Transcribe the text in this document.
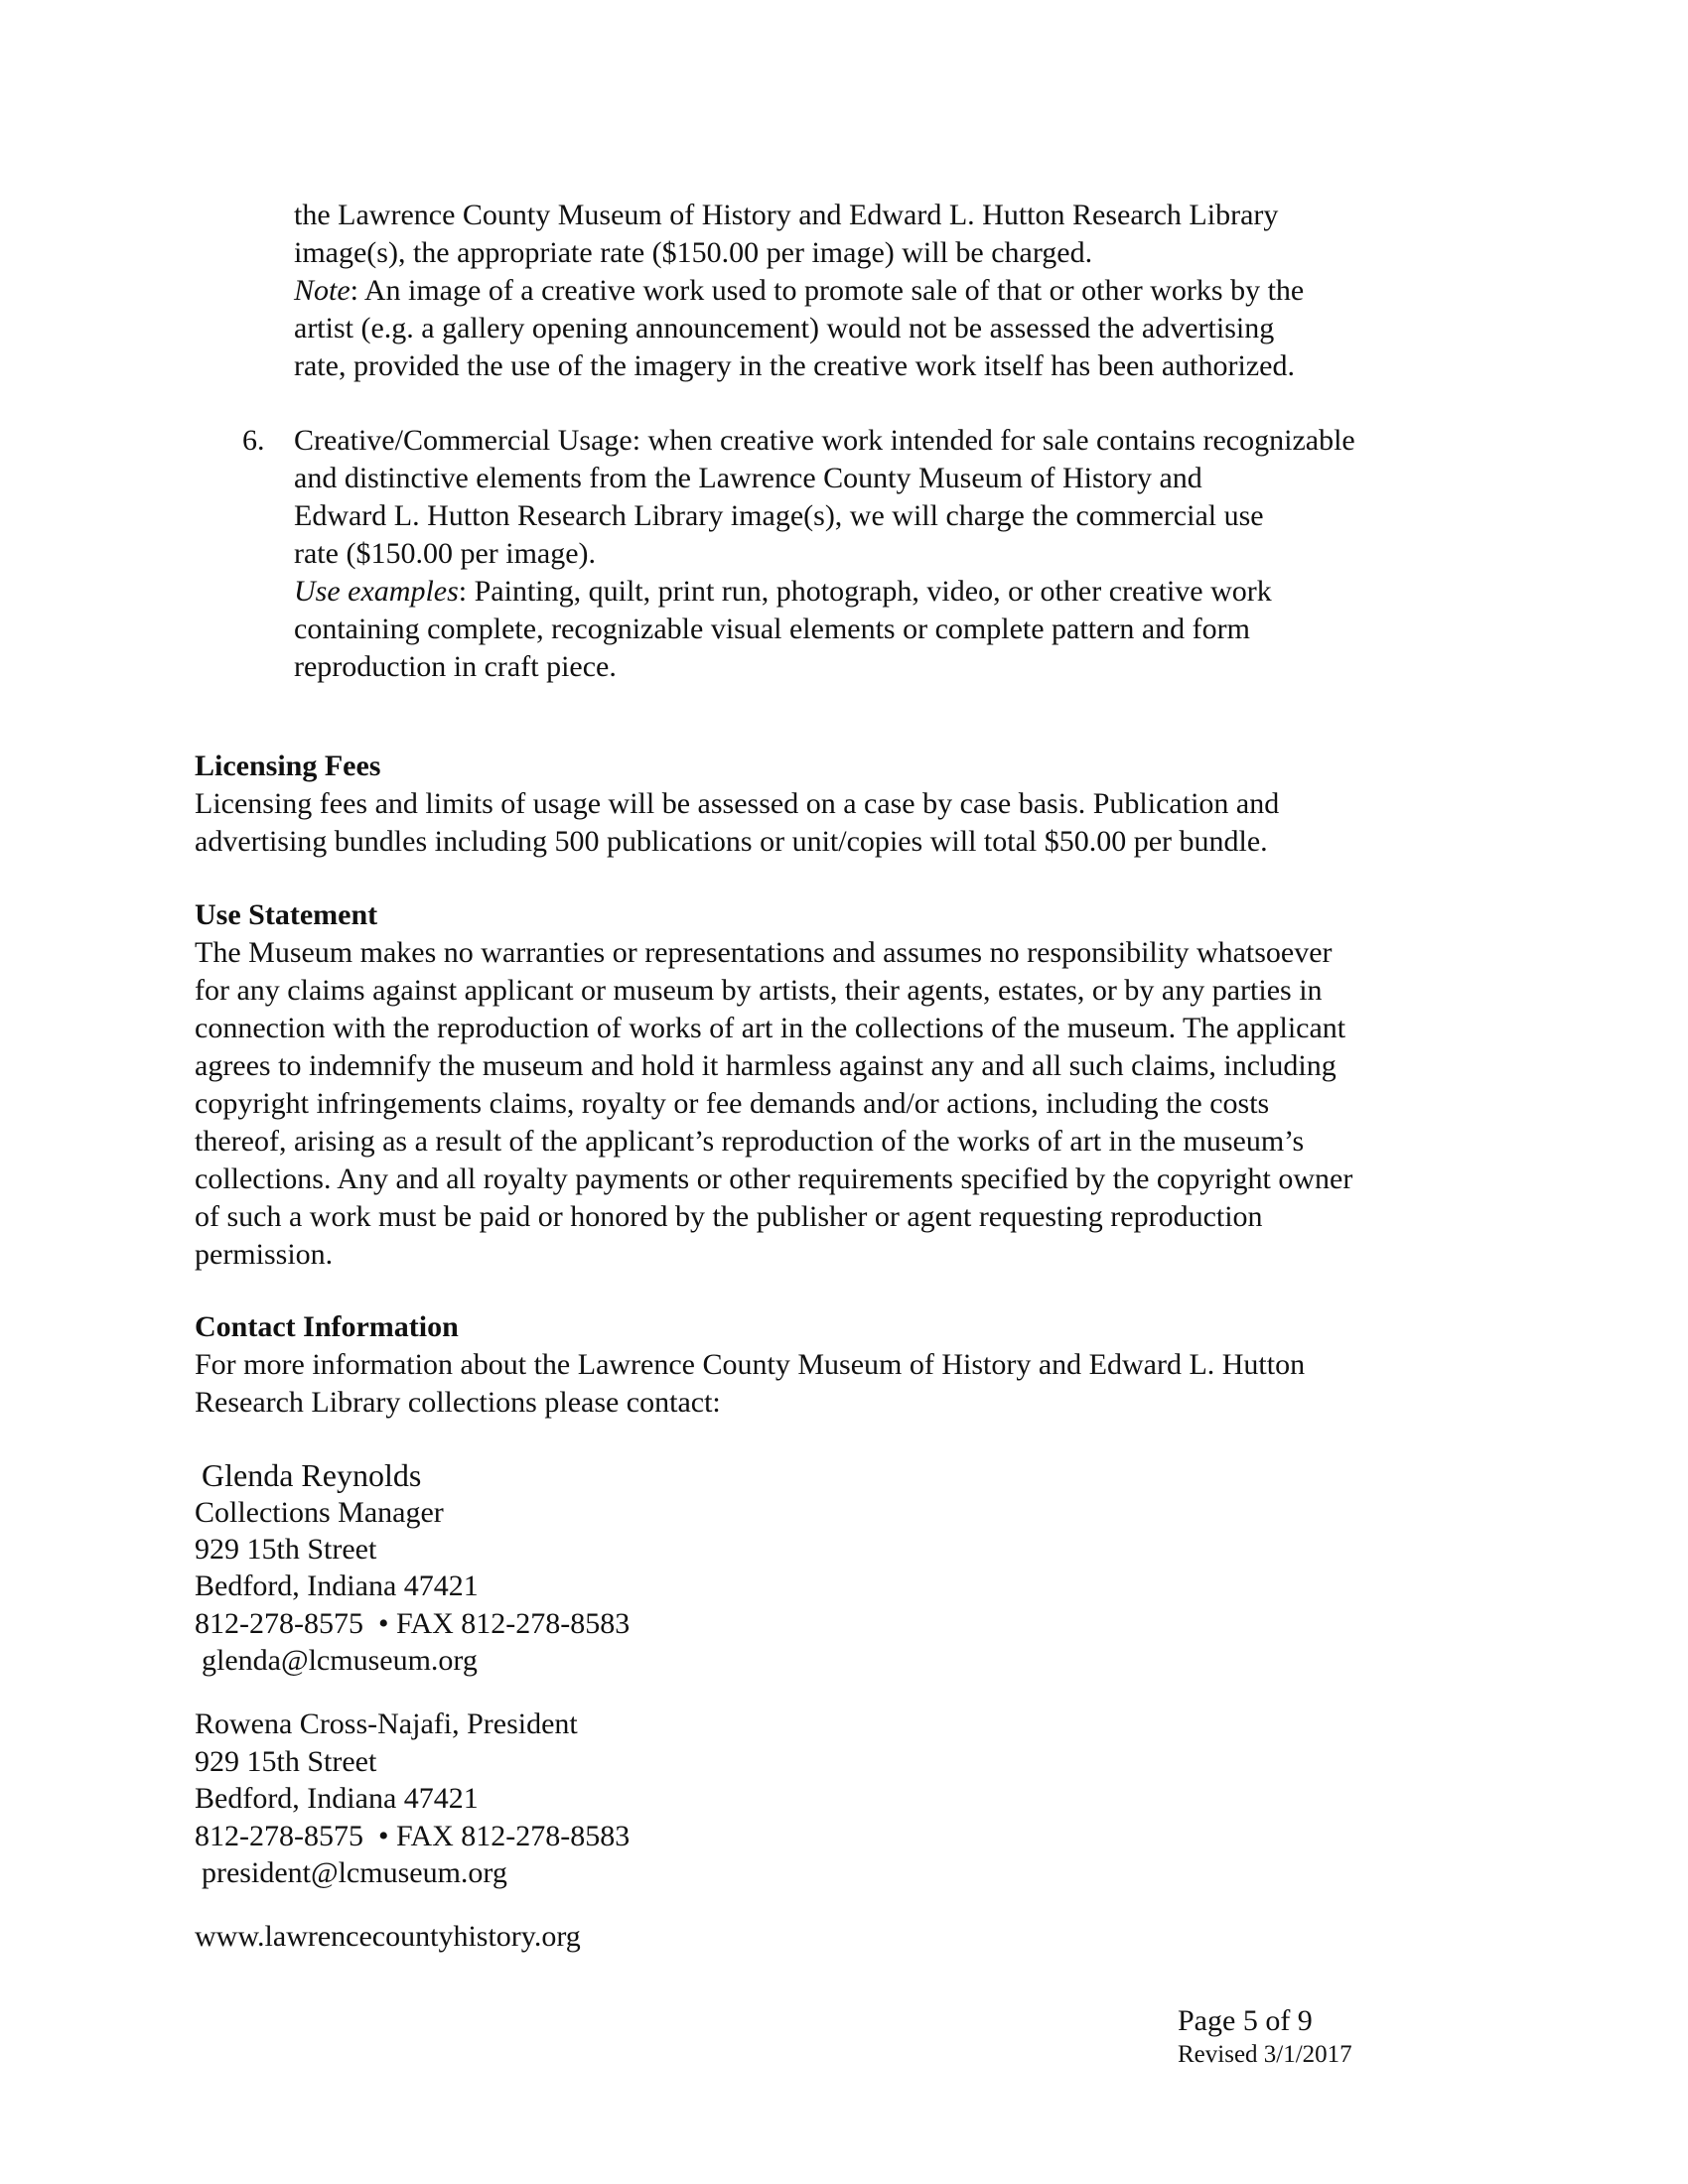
the Lawrence County Museum of History and Edward L. Hutton Research Library
image(s), the appropriate rate ($150.00 per image) will be charged.
Note: An image of a creative work used to promote sale of that or other works by the
artist (e.g. a gallery opening announcement) would not be assessed the advertising
rate, provided the use of the imagery in the creative work itself has been authorized.
6. Creative/Commercial Usage: when creative work intended for sale contains recognizable
and distinctive elements from the Lawrence County Museum of History and
Edward L. Hutton Research Library image(s), we will charge the commercial use
rate ($150.00 per image).
Use examples: Painting, quilt, print run, photograph, video, or other creative work
containing complete, recognizable visual elements or complete pattern and form
reproduction in craft piece.
Licensing Fees
Licensing fees and limits of usage will be assessed on a case by case basis. Publication and
advertising bundles including 500 publications or unit/copies will total $50.00 per bundle.
Use Statement
The Museum makes no warranties or representations and assumes no responsibility whatsoever
for any claims against applicant or museum by artists, their agents, estates, or by any parties in
connection with the reproduction of works of art in the collections of the museum. The applicant
agrees to indemnify the museum and hold it harmless against any and all such claims, including
copyright infringements claims, royalty or fee demands and/or actions, including the costs
thereof, arising as a result of the applicant’s reproduction of the works of art in the museum’s
collections. Any and all royalty payments or other requirements specified by the copyright owner
of such a work must be paid or honored by the publisher or agent requesting reproduction
permission.
Contact Information
For more information about the Lawrence County Museum of History and Edward L. Hutton
Research Library collections please contact:
Glenda Reynolds
Collections Manager
929 15th Street
Bedford, Indiana 47421
812-278-8575  • FAX 812-278-8583
glenda@lcmuseum.org
Rowena Cross-Najafi, President
929 15th Street
Bedford, Indiana 47421
812-278-8575  • FAX 812-278-8583
president@lcmuseum.org
www.lawrencecountyhistory.org
Page 5 of 9
Revised 3/1/2017
